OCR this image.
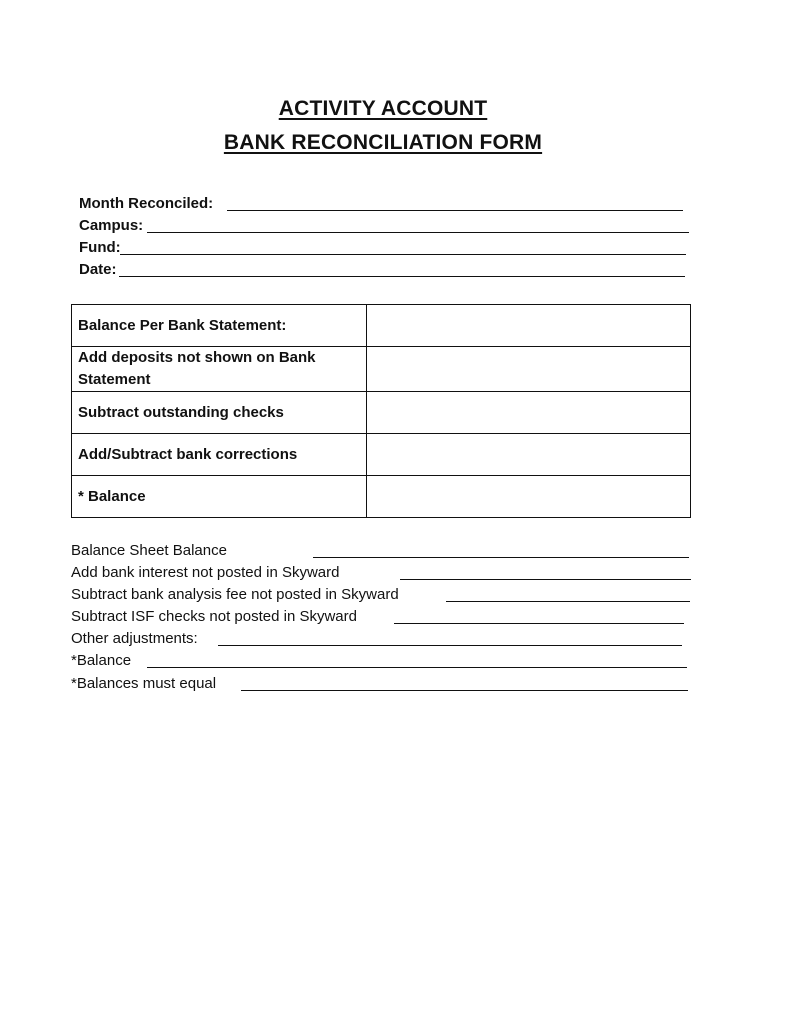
ACTIVITY ACCOUNT
BANK RECONCILIATION FORM
Month Reconciled:
Campus:
Fund:
Date:
Balance Per Bank Statement:	
Add deposits not shown on Bank Statement	
Subtract outstanding checks	
Add/Subtract bank corrections	
* Balance	
Balance Sheet Balance
Add bank interest not posted in Skyward
Subtract bank analysis fee not posted in Skyward
Subtract ISF checks not posted in Skyward
Other adjustments:
*Balance
*Balances must equal
